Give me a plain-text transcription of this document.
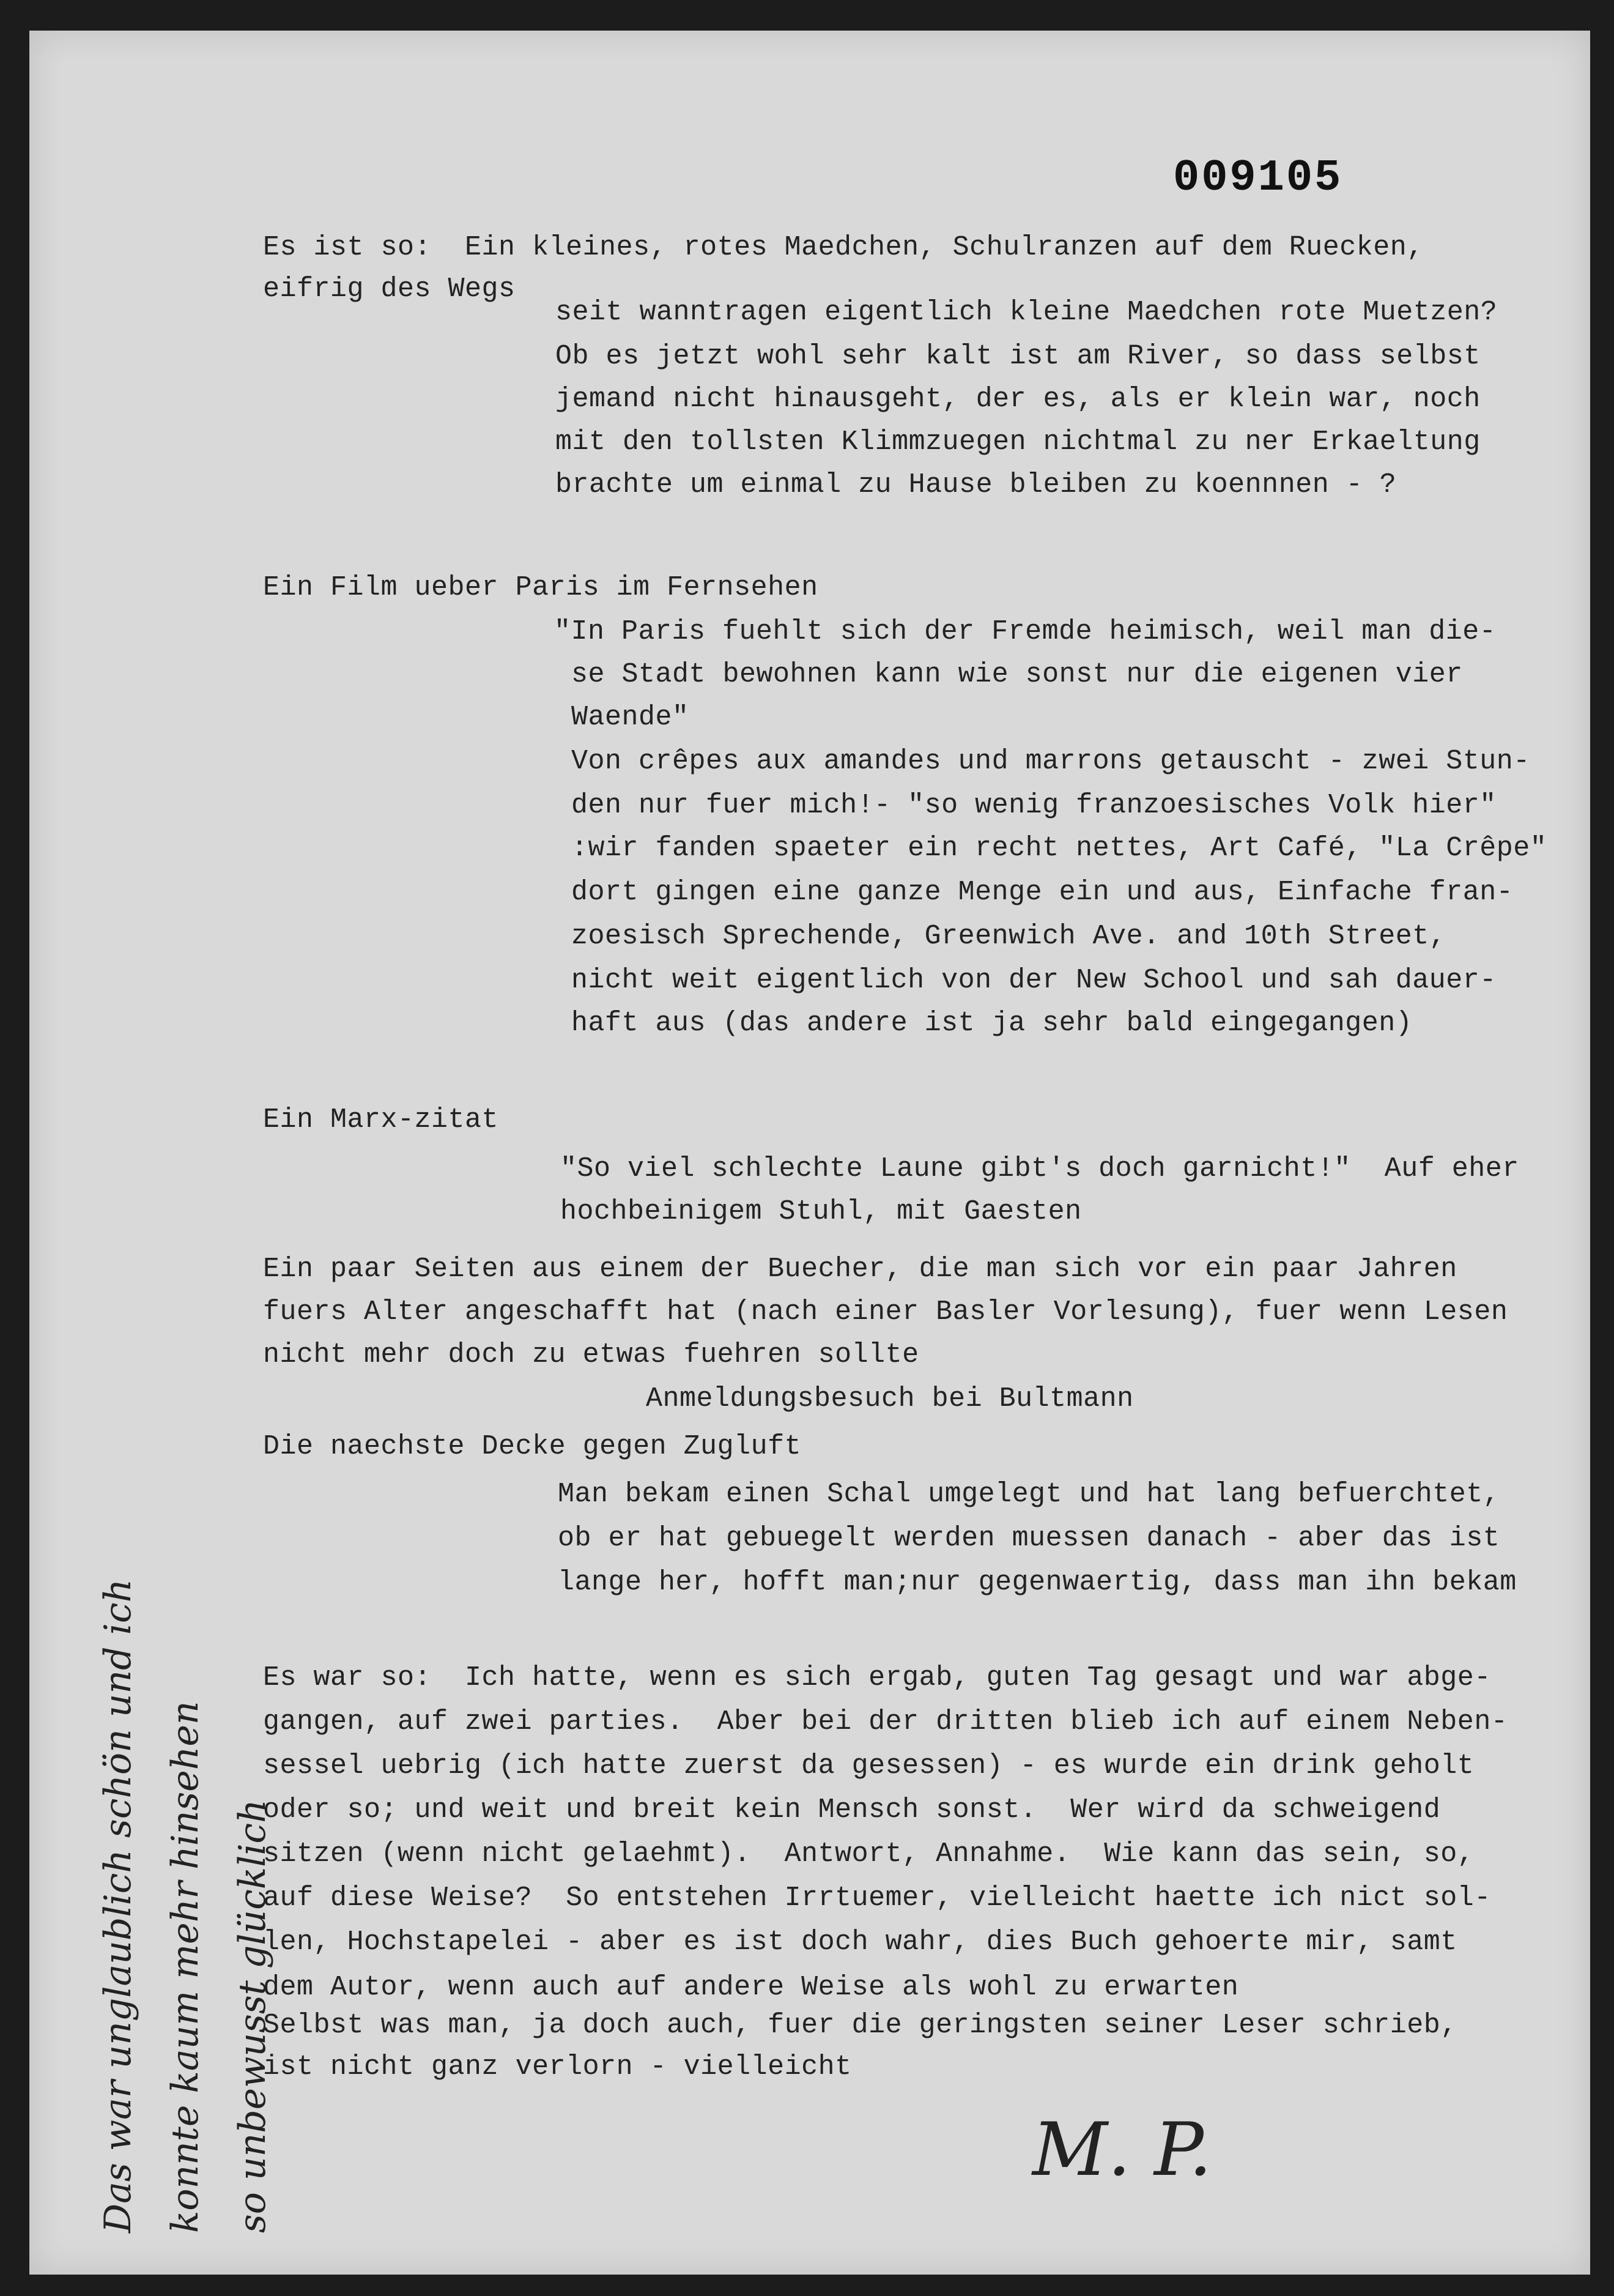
009105
Es ist so:  Ein kleines, rotes Maedchen, Schulranzen auf dem Ruecken,
eifrig des Wegs
seit wanntragen eigentlich kleine Maedchen rote Muetzen?
Ob es jetzt wohl sehr kalt ist am River, so dass selbst
jemand nicht hinausgeht, der es, als er klein war, noch
mit den tollsten Klimmzuegen nichtmal zu ner Erkaeltung
brachte um einmal zu Hause bleiben zu koennnen - ?
Ein Film ueber Paris im Fernsehen
"In Paris fuehlt sich der Fremde heimisch, weil man die-
se Stadt bewohnen kann wie sonst nur die eigenen vier
Waende"
Von crêpes aux amandes und marrons getauscht - zwei Stun-
den nur fuer mich!- "so wenig franzoesisches Volk hier"
:wir fanden spaeter ein recht nettes, Art Café, "La Crêpe"
dort gingen eine ganze Menge ein und aus, Einfache fran-
zoesisch Sprechende, Greenwich Ave. and 10th Street,
nicht weit eigentlich von der New School und sah dauer-
haft aus (das andere ist ja sehr bald eingegangen)
Ein Marx-zitat
"So viel schlechte Laune gibt's doch garnicht!"  Auf eher
hochbeinigem Stuhl, mit Gaesten
Ein paar Seiten aus einem der Buecher, die man sich vor ein paar Jahren
fuers Alter angeschafft hat (nach einer Basler Vorlesung), fuer wenn Lesen
nicht mehr doch zu etwas fuehren sollte
Anmeldungsbesuch bei Bultmann
Die naechste Decke gegen Zugluft
Man bekam einen Schal umgelegt und hat lang befuerchtet,
ob er hat gebuegelt werden muessen danach - aber das ist
lange her, hofft man;nur gegenwaertig, dass man ihn bekam
Es war so:  Ich hatte, wenn es sich ergab, guten Tag gesagt und war abge-
gangen, auf zwei parties.  Aber bei der dritten blieb ich auf einem Neben-
sessel uebrig (ich hatte zuerst da gesessen) - es wurde ein drink geholt
oder so; und weit und breit kein Mensch sonst.  Wer wird da schweigend
sitzen (wenn nicht gelaehmt).  Antwort, Annahme.  Wie kann das sein, so,
auf diese Weise?  So entstehen Irrtuemer, vielleicht haette ich nict sol-
len, Hochstapelei - aber es ist doch wahr, dies Buch gehoerte mir, samt
dem Autor, wenn auch auf andere Weise als wohl zu erwarten
Selbst was man, ja doch auch, fuer die geringsten seiner Leser schrieb,
ist nicht ganz verlorn - vielleicht
Das war unglaublich schön und ich konnte kaum mehr hinsehen so unbewusst glücklich	M. P.
